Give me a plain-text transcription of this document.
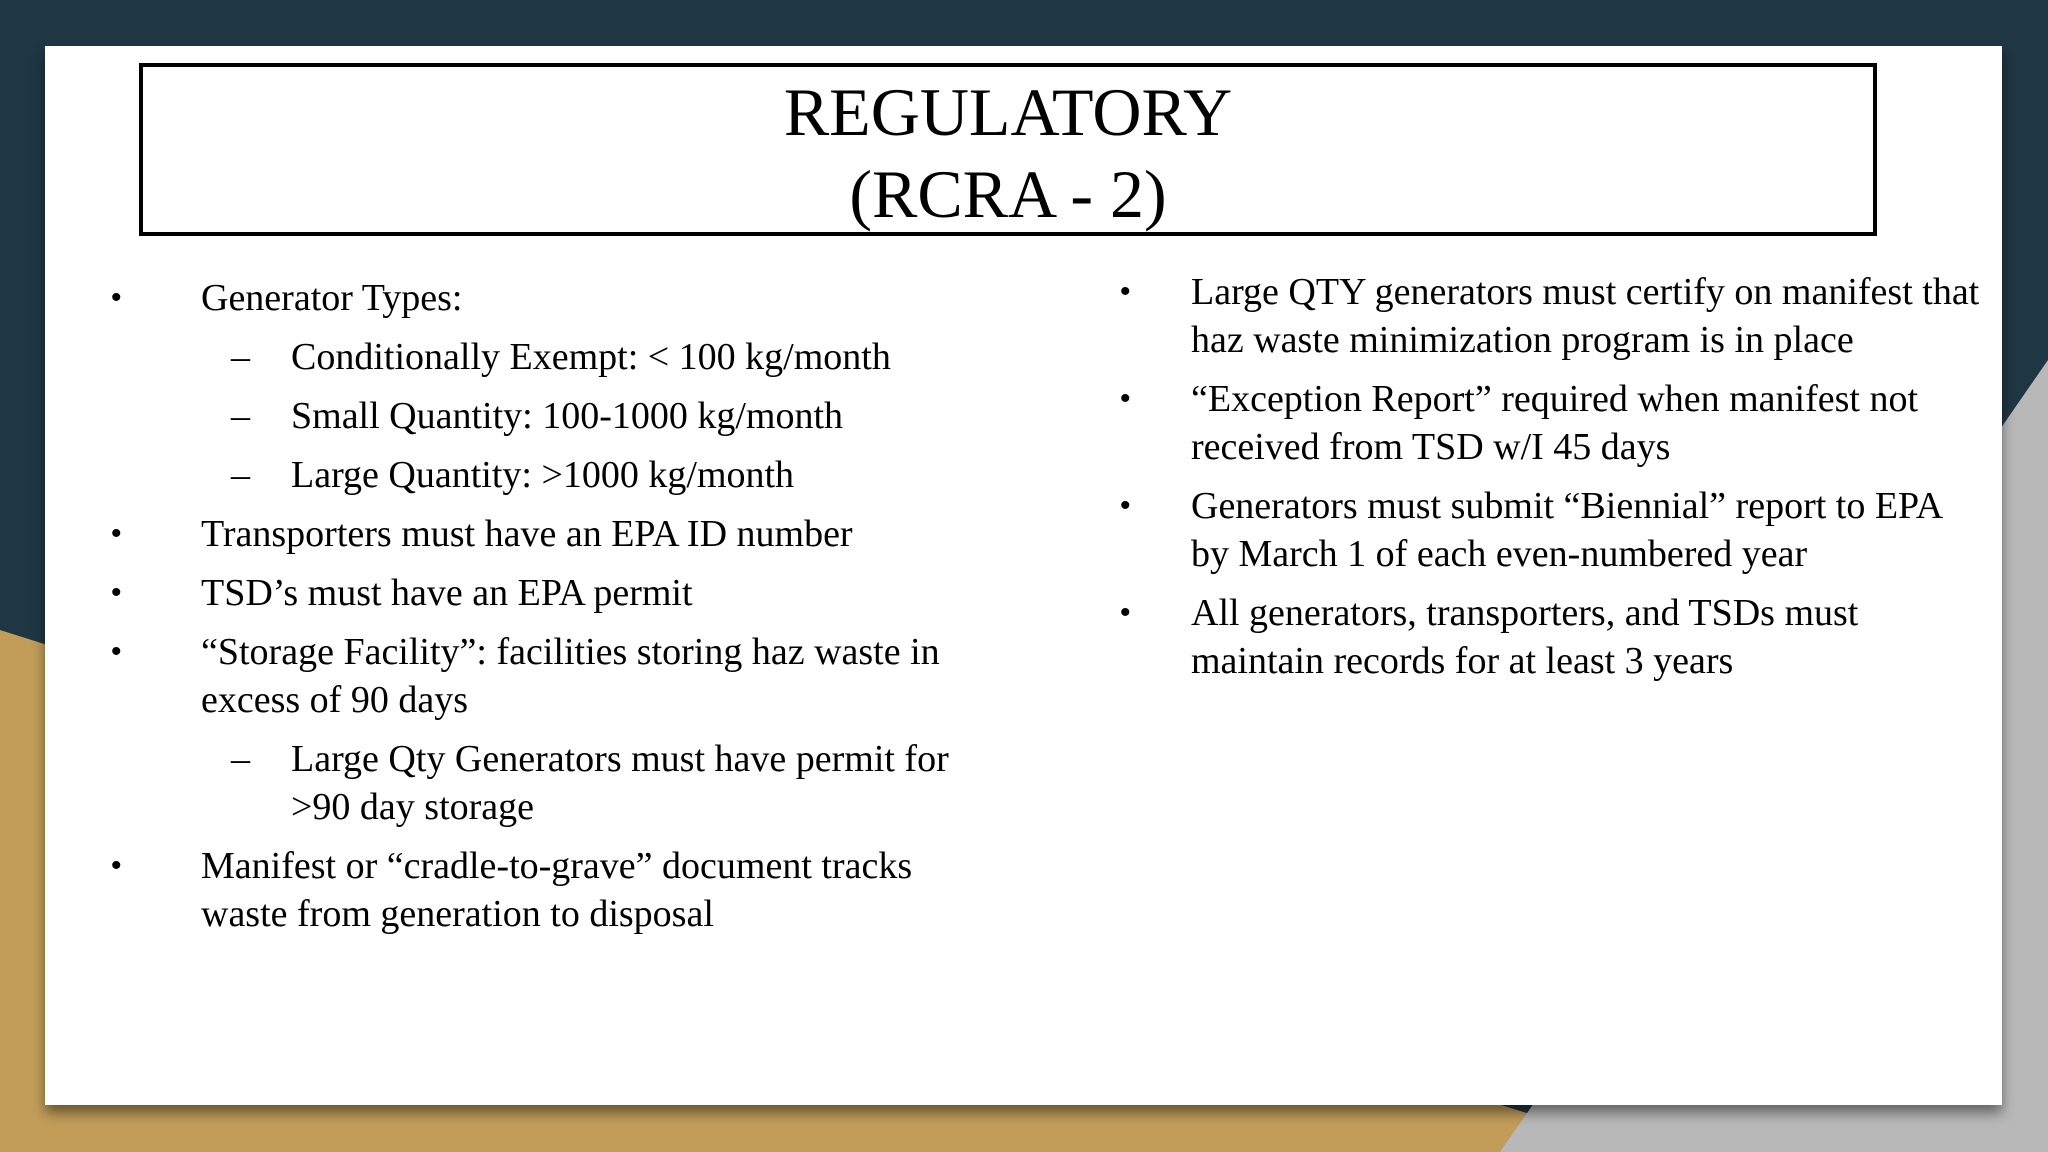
REGULATORY
(RCRA - 2)
• Generator Types:
– Conditionally Exempt: < 100 kg/month
– Small Quantity: 100-1000 kg/month
– Large Quantity: >1000 kg/month
• Transporters must have an EPA ID number
• TSD’s must have an EPA permit
• “Storage Facility”: facilities storing haz waste in excess of 90 days
– Large Qty Generators must have permit for >90 day storage
• Manifest or “cradle-to-grave” document tracks waste from generation to disposal
• Large QTY generators must certify on manifest that haz waste minimization program is in place
• “Exception Report” required when manifest not received from TSD w/I 45 days
• Generators must submit “Biennial” report to EPA by March 1 of each even-numbered year
• All generators, transporters, and TSDs must maintain records for at least 3 years
